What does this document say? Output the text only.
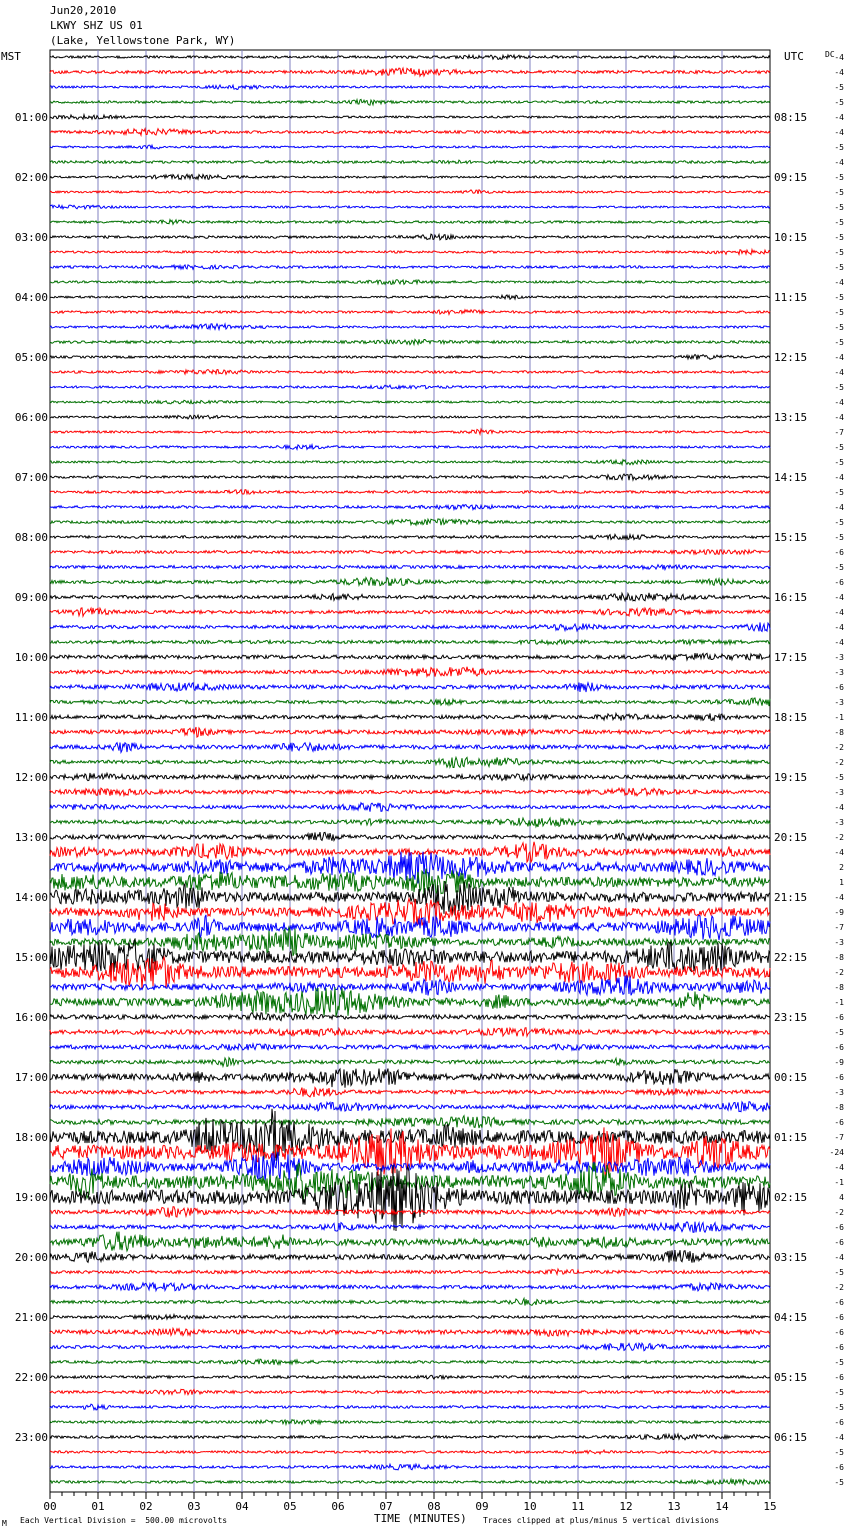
Jun20,2010
LKWY SHZ US 01
(Lake, Yellowstone Park, WY)
MST	UTC	DC
01:00
02:00
03:00
04:00
05:00
06:00
07:00
08:00
09:00
10:00
11:00
12:00
13:00
14:00
15:00
16:00
17:00
18:00
19:00
20:00
21:00
22:00
23:00
08:15
09:15
10:15
11:15
12:15
13:15
14:15
15:15
16:15
17:15
18:15
19:15
20:15
21:15
22:15
23:15
00:15
01:15
02:15
03:15
04:15
05:15
06:15
-4
-4
-5
-5
-4
-4
-5
-4
-5
-5
-5
-5
-5
-5
-5
-4
-5
-5
-5
-5
-4
-4
-5
-4
-4
-7
-5
-5
-4
-5
-4
-5
-5
-6
-5
-6
-4
-4
-4
-4
-3
-3
-6
-3
-1
-8
-2
-2
-5
-3
-4
-3
-2
-4
2
1
-4
-9
-7
-3
-8
-2
-8
-1
-6
-5
-6
-9
-6
-3
-8
-6
-7
-24
-4
-1
4
-2
-6
-6
-4
-5
-2
-6
-6
-6
-6
-5
-6
-5
-5
-6
-4
-5
-6
-5
00	01	02	03	04	05	06	07	08	09	10	11	12	13	14	15
M Each Vertical Division =  500.00 microvolts	TIME (MINUTES) Traces clipped at plus/minus 5 vertical divisions
